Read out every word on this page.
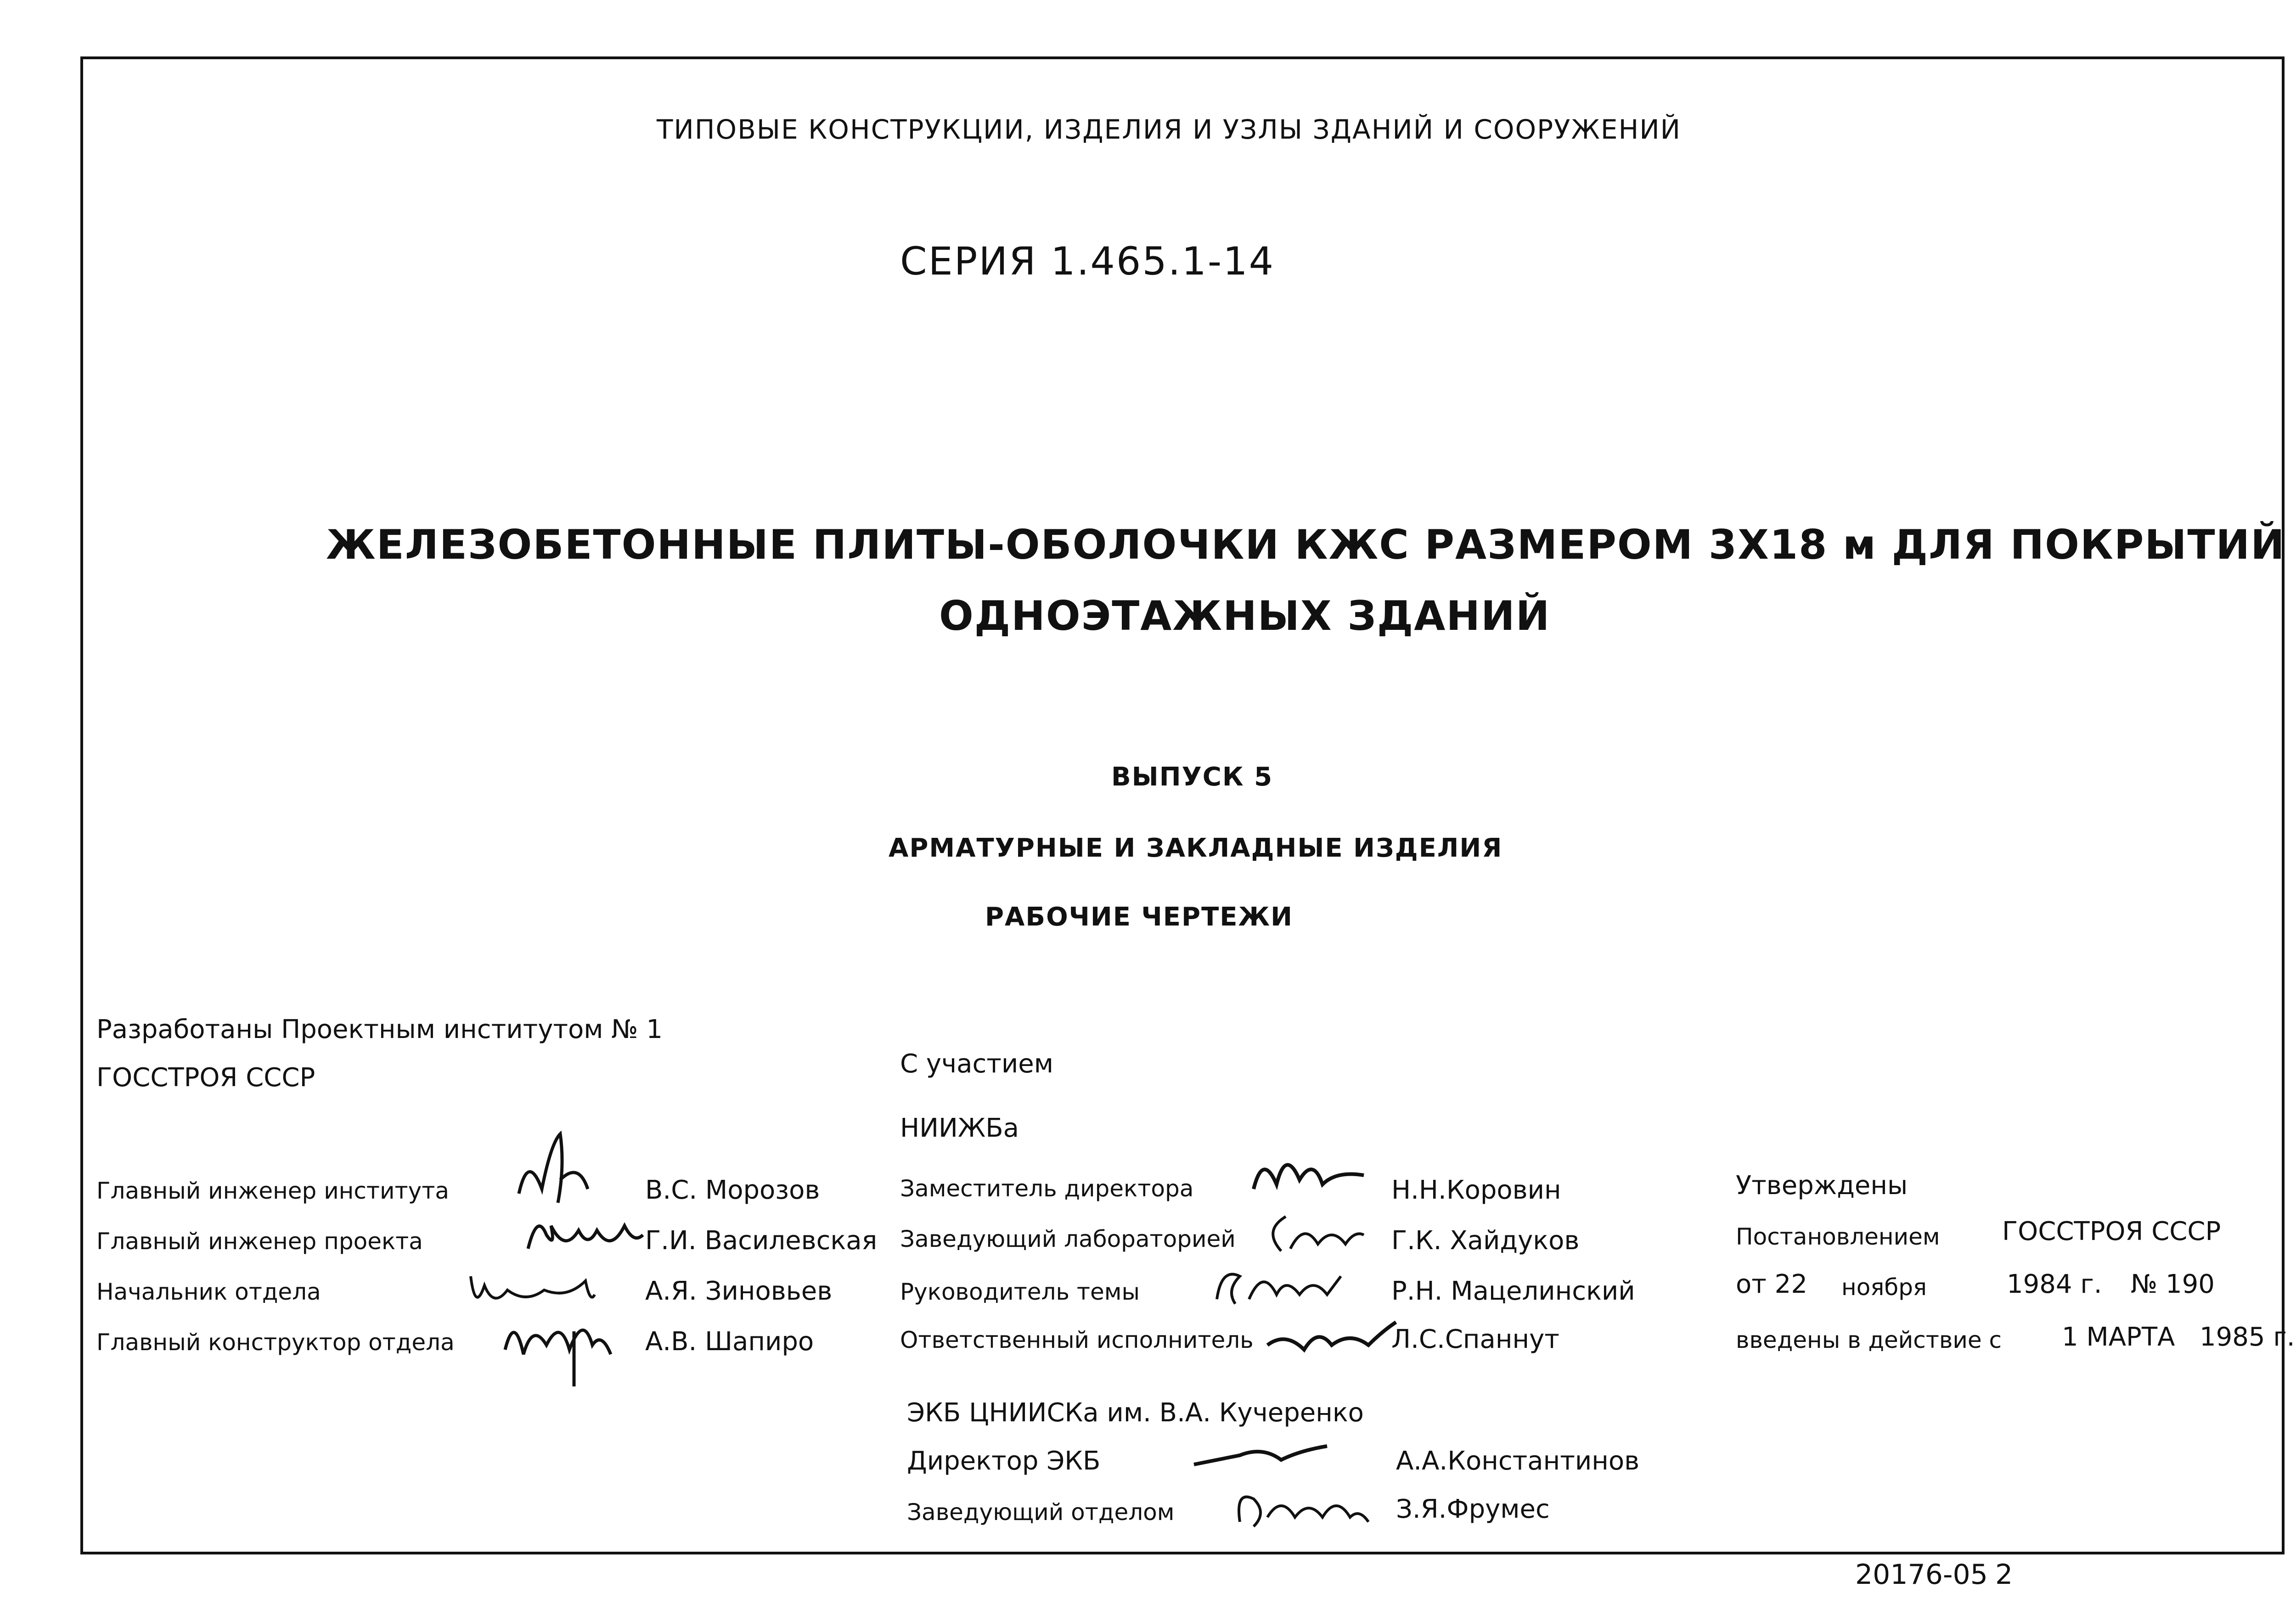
ТИПОВЫЕ КОНСТРУКЦИИ, ИЗДЕЛИЯ И УЗЛЫ ЗДАНИЙ И СООРУЖЕНИЙ
СЕРИЯ 1.465.1-14
ЖЕЛЕЗОБЕТОННЫЕ ПЛИТЫ-ОБОЛОЧКИ КЖС РАЗМЕРОМ 3Х18 м ДЛЯ ПОКРЫТИЙ
ОДНОЭТАЖНЫХ ЗДАНИЙ
ВЫПУСК 5
АРМАТУРНЫЕ И ЗАКЛАДНЫЕ ИЗДЕЛИЯ
РАБОЧИЕ ЧЕРТЕЖИ
Разработаны Проектным институтом № 1
ГОССТРОЯ СССР
Главный инженер института	В.С. Морозов
Главный инженер проекта	Г.И. Василевская
Начальник отдела	А.Я. Зиновьев
Главный конструктор отдела	А.В. Шапиро
С участием
НИИЖБа
Заместитель директора	Н.Н.Коровин
Заведующий лабораторией	Г.К. Хайдуков
Руководитель темы	Р.Н. Мацелинский
Ответственный исполнитель	Л.С.Спаннут
ЭКБ ЦНИИСКа им. В.А. Кучеренко
Директор ЭКБ	А.А.Константинов
Заведующий отделом	З.Я.Фрумес
Утверждены
Постановлением ГОССТРОЯ СССР
от 22 ноября	1984 г. № 190
введены в действие с 1 МАРТА 1985 г.
20176-05 2
